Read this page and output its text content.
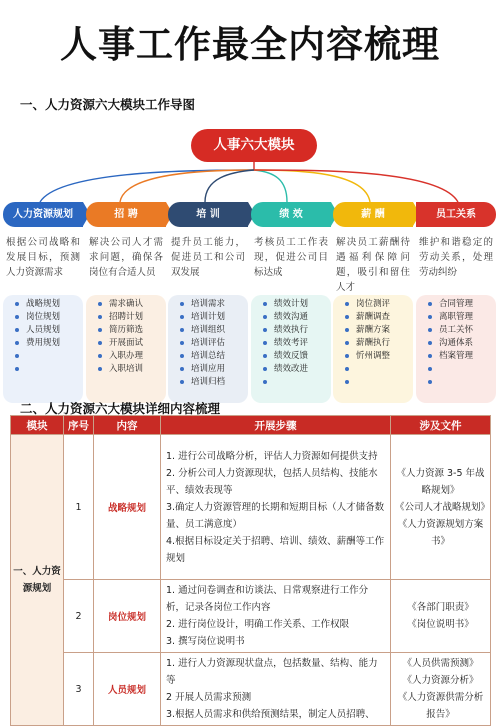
人事工作最全内容梳理
一、人力资源六大模块工作导图
人事六大模块
人力资源规划
根据公司战略和发展目标，预测人力资源需求
战略规划
岗位规划
人员规划
费用规划
招 聘
解决公司人才需求问题，确保各岗位有合适人员
需求确认
招聘计划
简历筛选
开展面试
入职办理
入职培训
培 训
提升员工能力，促进员工和公司双发展
培训需求
培训计划
培训组织
培训评估
培训总结
培训应用
培训归档
绩 效
考核员工工作表现，促进公司目标达成
绩效计划
绩效沟通
绩效执行
绩效考评
绩效反馈
绩效改进
薪 酬
解决员工薪酬待遇福利保障问题，吸引和留住人才
岗位测评
薪酬调查
薪酬方案
薪酬执行
忻州调整
员工关系
维护和谐稳定的劳动关系，处理劳动纠纷
合同管理
离职管理
员工关怀
沟通体系
档案管理
二、人力资源六大模块详细内容梳理
模块	序号	内容	开展步骤	涉及文件
一、人力资源规划	1	战略规划	1. 进行公司战略分析，评估人力资源如何提供支持
2. 分析公司人力资源现状，包括人员结构、技能水平、绩效表现等
3.确定人力资源管理的长期和短期目标（人才储备数量、员工满意度）
4.根据目标设定关于招聘、培训、绩效、薪酬等工作规划	《人力资源 3-5 年战略规划》
《公司人才战略规划》
《人力资源规划方案书》

	2	岗位规划	1. 通过问卷调查和访谈法、日常观察进行工作分析，记录各岗位工作内容
2. 进行岗位设计，明确工作关系、工作权限
3. 撰写岗位说明书	《各部门职责》
《岗位说明书》

	3	人员规划	1. 进行人力资源现状盘点，包括数量、结构、能力等
2 开展人员需求预测
3.根据人员需求和供给预测结果，制定人员招聘、	《人员供需预测》
《人力资源分析》
《人力资源供需分析报告》
